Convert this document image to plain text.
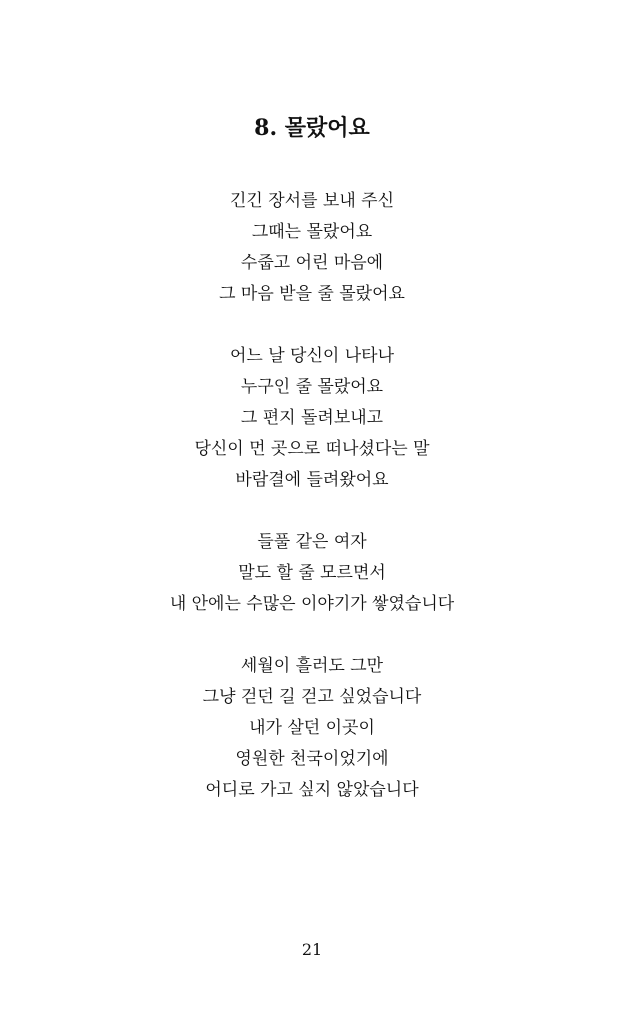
8. 몰랐어요
긴긴 장서를 보내 주신
그때는 몰랐어요
수줍고 어린 마음에
그 마음 받을 줄 몰랐어요
어느 날 당신이 나타나
누구인 줄 몰랐어요
그 편지 돌려보내고
당신이 먼 곳으로 떠나셨다는 말
바람결에 들려왔어요
들풀 같은 여자
말도 할 줄 모르면서
내 안에는 수많은 이야기가 쌓였습니다
세월이 흘러도 그만
그냥 걷던 길 걷고 싶었습니다
내가 살던 이곳이
영원한 천국이었기에
어디로 가고 싶지 않았습니다
21
